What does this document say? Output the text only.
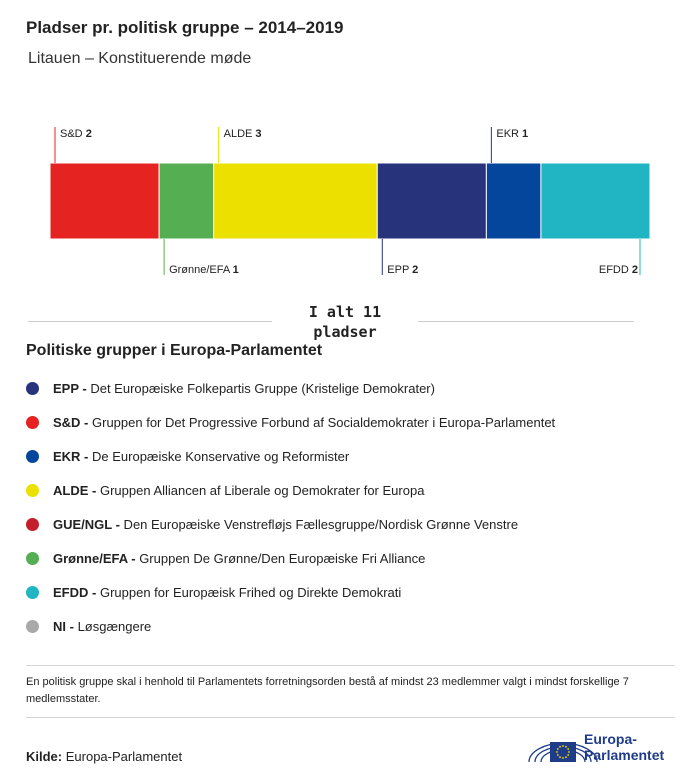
Pladser pr. politisk gruppe – 2014–2019
Litauen – Konstituerende møde
S&D 2
Grønne/EFA 1
ALDE 3
EPP 2
EKR 1
EFDD 2
I alt 11
pladser
Politiske grupper i Europa-Parlamentet
EPP - Det Europæiske Folkepartis Gruppe (Kristelige Demokrater)
S&D - Gruppen for Det Progressive Forbund af Socialdemokrater i Europa-Parlamentet
EKR - De Europæiske Konservative og Reformister
ALDE - Gruppen Alliancen af Liberale og Demokrater for Europa
GUE/NGL - Den Europæiske Venstrefløjs Fællesgruppe/Nordisk Grønne Venstre
Grønne/EFA - Gruppen De Grønne/Den Europæiske Fri Alliance
EFDD - Gruppen for Europæisk Frihed og Direkte Demokrati
NI - Løsgængere
En politisk gruppe skal i henhold til Parlamentets forretningsorden bestå af mindst 23 medlemmer valgt i mindst forskellige 7 medlemsstater.
Kilde: Europa-Parlamentet
Europa-
Parlamentet
